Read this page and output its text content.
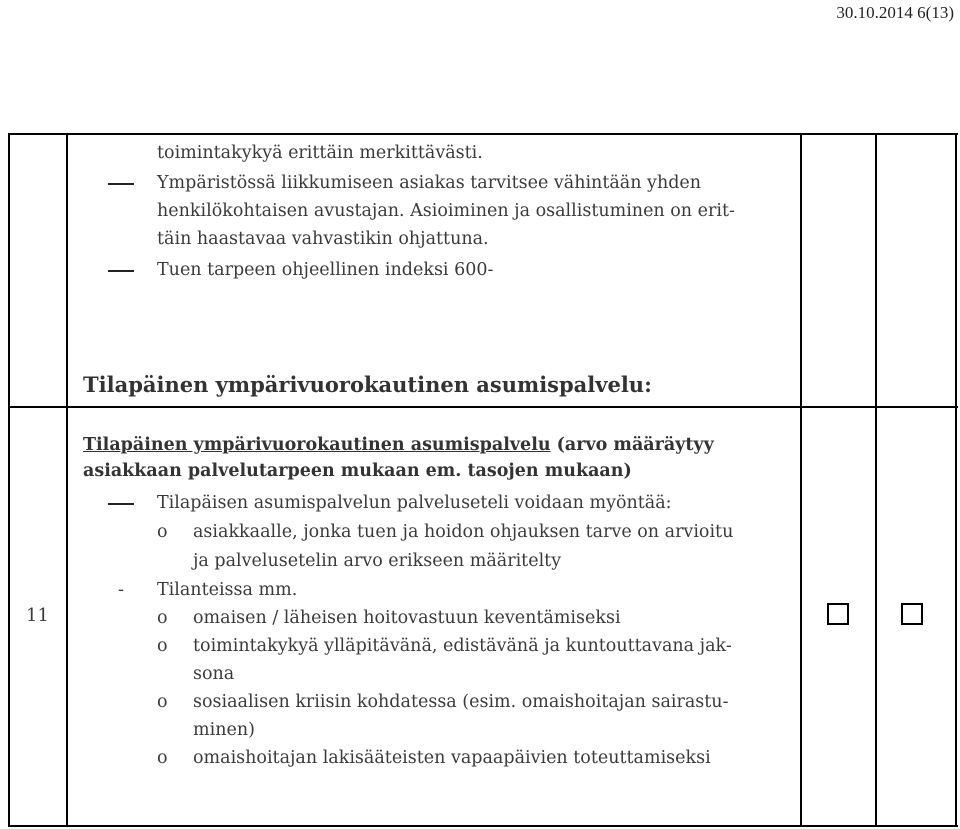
30.10.2014 6(13)
toimintakykyä erittäin merkittävästi.
Ympäristössä liikkumiseen asiakas tarvitsee vähintään yhden
henkilökohtaisen avustajan. Asioiminen ja osallistuminen on erit-
täin haastavaa vahvastikin ohjattuna.
Tuen tarpeen ohjeellinen indeksi 600-
Tilapäinen ympärivuorokautinen asumispalvelu:
11
Tilapäinen ympärivuorokautinen asumispalvelu (arvo määräytyy
asiakkaan palvelutarpeen mukaan em. tasojen mukaan)
Tilapäisen asumispalvelun palveluseteli voidaan myöntää:
o asiakkaalle, jonka tuen ja hoidon ohjauksen tarve on arvioitu
ja palvelusetelin arvo erikseen määritelty
- Tilanteissa mm.
o omaisen / läheisen hoitovastuun keventämiseksi
o toimintakykyä ylläpitävänä, edistävänä ja kuntouttavana jak-
sona
o sosiaalisen kriisin kohdatessa (esim. omaishoitajan sairastu-
minen)
o omaishoitajan lakisääteisten vapaapäivien toteuttamiseksi
